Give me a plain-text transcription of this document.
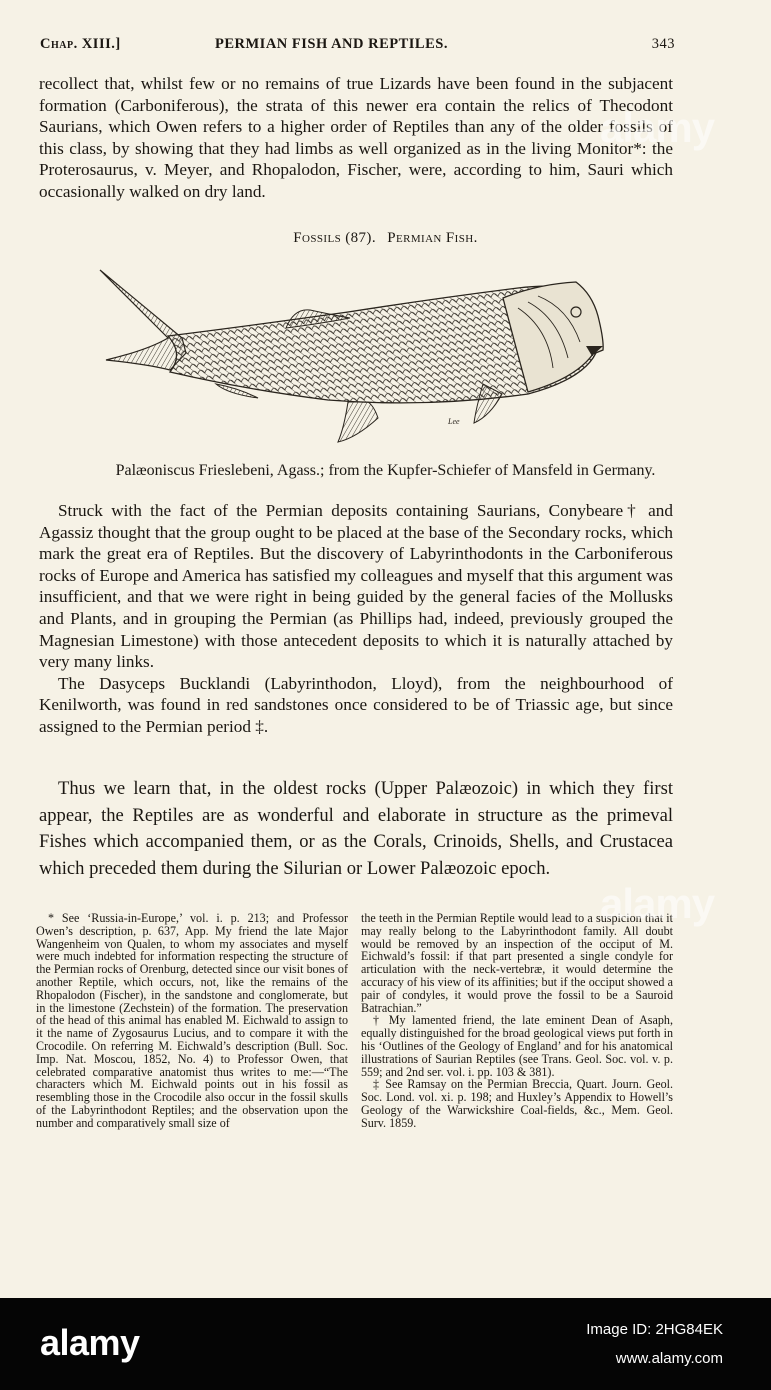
Chap. XIII.]	PERMIAN FISH AND REPTILES.	343
recollect that, whilst few or no remains of true Lizards have been found in the subjacent formation (Carboniferous), the strata of this newer era contain the relics of Thecodont Saurians, which Owen refers to a higher order of Reptiles than any of the older fossils of this class, by showing that they had limbs as well organized as in the living Monitor*: the Proterosaurus, v. Meyer, and Rhopalodon, Fischer, were, according to him, Sauri which occasionally walked on dry land.
Fossils (87). Permian Fish.
Lee
Palæoniscus Frieslebeni, Agass.; from the Kupfer-Schiefer of Mansfeld in Germany.

Struck with the fact of the Permian deposits containing Saurians, Conybeare† and Agassiz thought that the group ought to be placed at the base of the Secondary rocks, which mark the great era of Reptiles. But the discovery of Labyrinthodonts in the Carboniferous rocks of Europe and America has satisfied my colleagues and myself that this argument was insufficient, and that we were right in being guided by the general facies of the Mollusks and Plants, and in grouping the Permian (as Phillips had, indeed, previously grouped the Magnesian Limestone) with those antecedent deposits to which it is naturally attached by very many links.

The Dasyceps Bucklandi (Labyrinthodon, Lloyd), from the neighbourhood of Kenilworth, was found in red sandstones once considered to be of Triassic age, but since assigned to the Permian period ‡.

Thus we learn that, in the oldest rocks (Upper Palæozoic) in which they first appear, the Reptiles are as wonderful and elaborate in structure as the primeval Fishes which accompanied them, or as the Corals, Crinoids, Shells, and Crustacea which preceded them during the Silurian or Lower Palæozoic epoch.

* See ‘Russia-in-Europe,’ vol. i. p. 213; and Professor Owen’s description, p. 637, App. My friend the late Major Wangenheim von Qualen, to whom my associates and myself were much indebted for information respecting the structure of the Permian rocks of Orenburg, detected since our visit bones of another Reptile, which occurs, not, like the remains of the Rhopalodon (Fischer), in the sandstone and conglomerate, but in the limestone (Zechstein) of the formation. The preservation of the head of this animal has enabled M. Eichwald to assign to it the name of Zygosaurus Lucius, and to compare it with the Crocodile. On referring M. Eichwald’s description (Bull. Soc. Imp. Nat. Moscou, 1852, No. 4) to Professor Owen, that celebrated comparative anatomist thus writes to me:—“The characters which M. Eichwald points out in his fossil as resembling those in the Crocodile also occur in the fossil skulls of the Labyrinthodont Reptiles; and the observation upon the number and comparatively small size of

the teeth in the Permian Reptile would lead to a suspicion that it may really belong to the Labyrinthodont family. All doubt would be removed by an inspection of the occiput of M. Eichwald’s fossil: if that part presented a single condyle for articulation with the neck-vertebræ, it would determine the accuracy of his view of its affinities; but if the occiput showed a pair of condyles, it would prove the fossil to be a Sauroid Batrachian.”

† My lamented friend, the late eminent Dean of Asaph, equally distinguished for the broad geological views put forth in his ‘Outlines of the Geology of England’ and for his anatomical illustrations of Saurian Reptiles (see Trans. Geol. Soc. vol. v. p. 559; and 2nd ser. vol. i. pp. 103 & 381).

‡ See Ramsay on the Permian Breccia, Quart. Journ. Geol. Soc. Lond. vol. xi. p. 198; and Huxley’s Appendix to Howell’s Geology of the Warwickshire Coal-fields, &c., Mem. Geol. Surv. 1859.

alamy
alamy
alamy	Image ID: 2HG84EK
www.alamy.com
